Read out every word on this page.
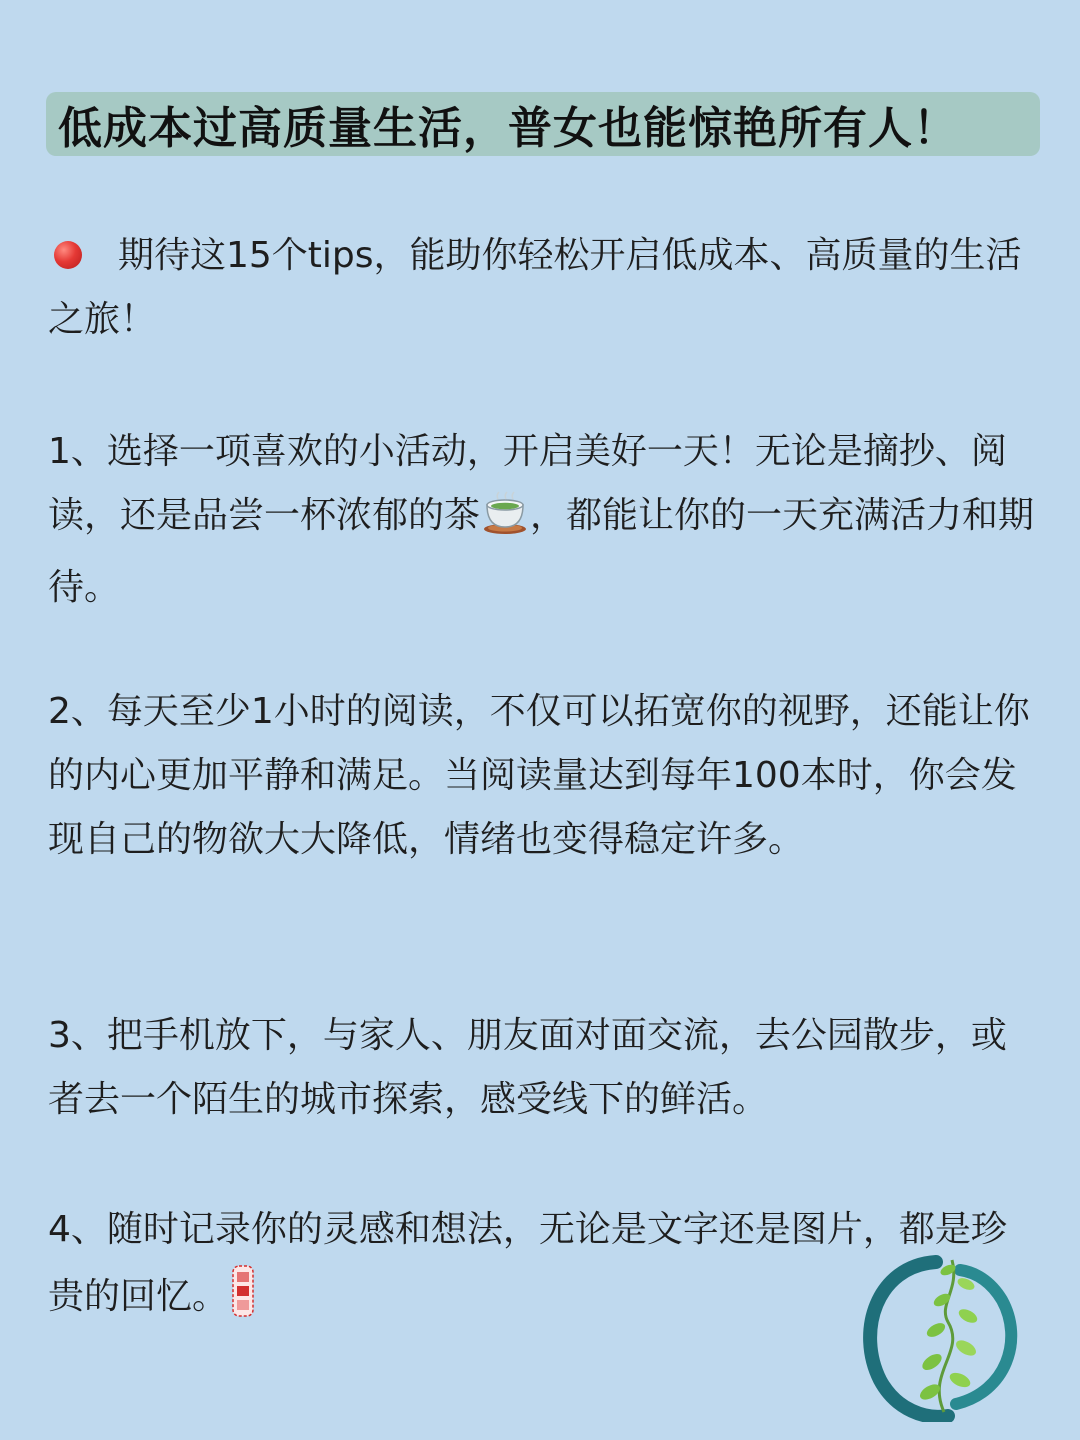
低成本过高质量生活，普女也能惊艳所有人！

期待这15个tips，能助你轻松开启低成本、高质量的生活之旅！

1、选择一项喜欢的小活动，开启美好一天！无论是摘抄、阅读，还是品尝一杯浓郁的茶 ，都能让你的一天充满活力和期待。

2、每天至少1小时的阅读，不仅可以拓宽你的视野，还能让你的内心更加平静和满足。当阅读量达到每年100本时，你会发现自己的物欲大大降低，情绪也变得稳定许多。

3、把手机放下，与家人、朋友面对面交流，去公园散步，或者去一个陌生的城市探索，感受线下的鲜活。

4、随时记录你的灵感和想法，无论是文字还是图片，都是珍贵的回忆。
